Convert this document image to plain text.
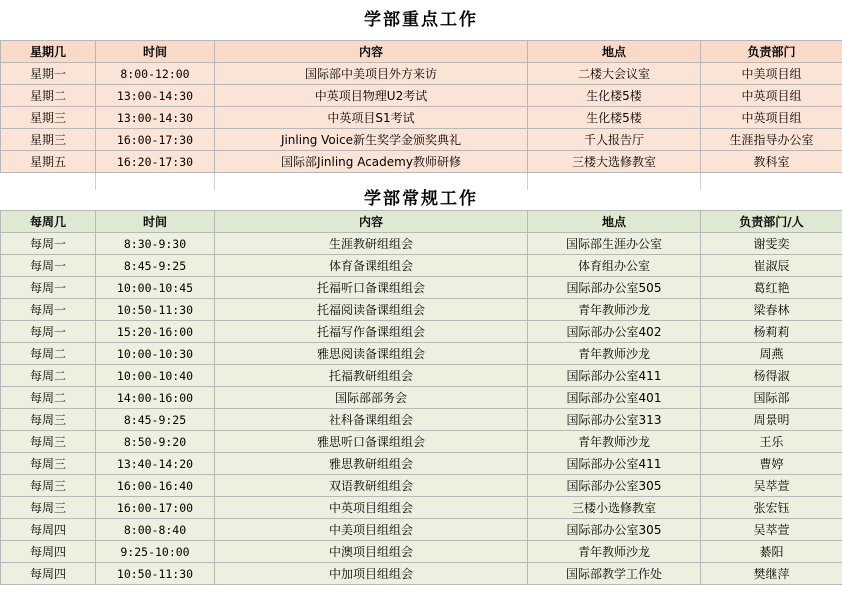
学部重点工作
星期几	时间	内容	地点	负责部门
星期一	8:00-12:00	国际部中美项目外方来访	二楼大会议室	中美项目组
星期二	13:00-14:30	中英项目物理U2考试	生化楼5楼	中英项目组
星期三	13:00-14:30	中英项目S1考试	生化楼5楼	中英项目组
星期三	16:00-17:30	Jinling Voice新生奖学金颁奖典礼	千人报告厅	生涯指导办公室
星期五	16:20-17:30	国际部Jinling Academy教师研修	三楼大选修教室	教科室

学部常规工作
每周几	时间	内容	地点	负责部门/人
每周一	8:30-9:30	生涯教研组组会	国际部生涯办公室	谢雯奕
每周一	8:45-9:25	体育备课组组会	体育组办公室	崔淑辰
每周一	10:00-10:45	托福听口备课组组会	国际部办公室505	葛红艳
每周一	10:50-11:30	托福阅读备课组组会	青年教师沙龙	梁春林
每周一	15:20-16:00	托福写作备课组组会	国际部办公室402	杨莉莉
每周二	10:00-10:30	雅思阅读备课组组会	青年教师沙龙	周燕
每周二	10:00-10:40	托福教研组组会	国际部办公室411	杨得淑
每周二	14:00-16:00	国际部部务会	国际部办公室401	国际部
每周三	8:45-9:25	社科备课组组会	国际部办公室313	周景明
每周三	8:50-9:20	雅思听口备课组组会	青年教师沙龙	王乐
每周三	13:40-14:20	雅思教研组组会	国际部办公室411	曹婷
每周三	16:00-16:40	双语教研组组会	国际部办公室305	吴萃萱
每周三	16:00-17:00	中英项目组组会	三楼小选修教室	张宏钰
每周四	8:00-8:40	中美项目组组会	国际部办公室305	吴萃萱
每周四	9:25-10:00	中澳项目组组会	青年教师沙龙	綦阳
每周四	10:50-11:30	中加项目组组会	国际部教学工作处	樊继萍
